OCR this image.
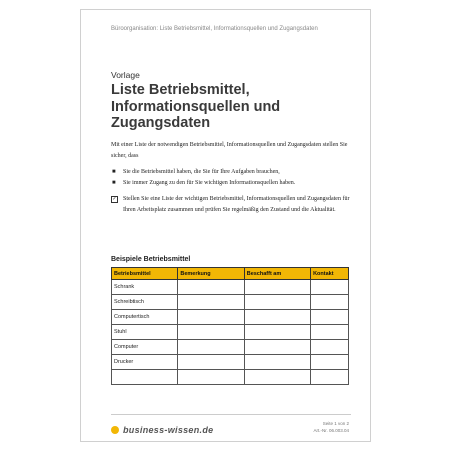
Büroorganisation: Liste Betriebsmittel, Informationsquellen und Zugangsdaten
Vorlage
Liste Betriebsmittel, Informationsquellen und Zugangsdaten
Mit einer Liste der notwendigen Betriebsmittel, Informationsquellen und Zugangsdaten stellen Sie sicher, dass
■ Sie die Betriebsmittel haben, die Sie für Ihre Aufgaben brauchen,
■ Sie immer Zugang zu den für Sie wichtigen Informationsquellen haben.
✓	Stellen Sie eine Liste der wichtigen Betriebsmittel, Informationsquellen und Zugangsdaten für Ihren Arbeitsplatz zusammen und prüfen Sie regelmäßig den Zustand und die Aktualität.
Beispiele Betriebsmittel
Betriebsmittel	Bemerkung	Beschafft am	Kontakt
Schrank			
Schreibtisch			
Computertisch			
Stuhl			
Computer			
Drucker			

business-wissen.de
Seite 1 von 2
Art.-Nr. 06.003.04
